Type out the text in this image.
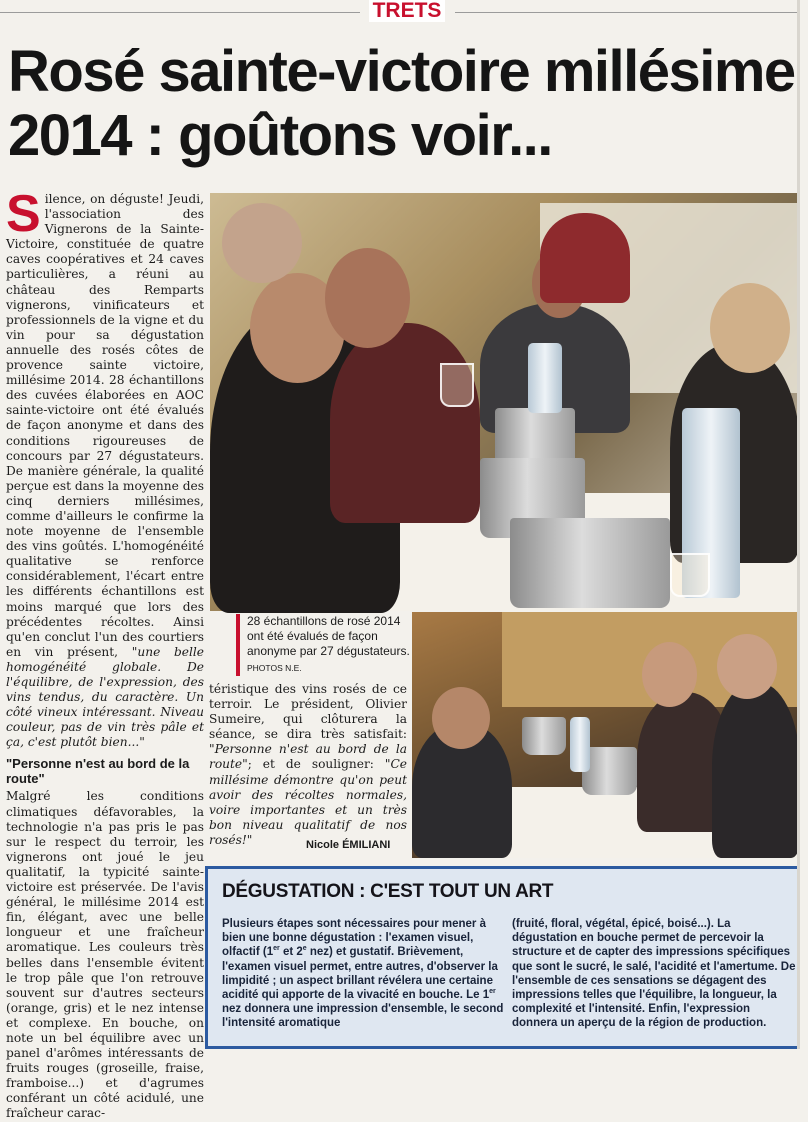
TRETS
Rosé sainte-victoire millésime
2014 : goûtons voir...

Silence, on déguste! Jeudi, l'association des Vignerons de la Sainte-Victoire, constituée de quatre caves coopératives et 24 caves particulières, a réuni au château des Remparts vignerons, vinificateurs et professionnels de la vigne et du vin pour sa dégustation annuelle des rosés côtes de provence sainte victoire, millésime 2014. 28 échantillons des cuvées élaborées en AOC sainte-victoire ont été évalués de façon anonyme et dans des conditions rigoureuses de concours par 27 dégustateurs. De manière générale, la qualité perçue est dans la moyenne des cinq derniers millésimes, comme d'ailleurs le confirme la note moyenne de l'ensemble des vins goûtés. L'homogénéité qualitative se renforce considérablement, l'écart entre les différents échantillons est moins marqué que lors des précédentes récoltes. Ainsi qu'en conclut l'un des courtiers en vin présent, "une belle homogénéité globale. De l'équilibre, de l'expression, des vins tendus, du caractère. Un côté vineux intéressant. Niveau couleur, pas de vin très pâle et ça, c'est plutôt bien..."

"Personne n'est au bord de la route"

Malgré les conditions climatiques défavorables, la technologie n'a pas pris le pas sur le respect du terroir, les vignerons ont joué le jeu qualitatif, la typicité sainte-victoire est préservée. De l'avis général, le millésime 2014 est fin, élégant, avec une belle longueur et une fraîcheur aromatique. Les couleurs très belles dans l'ensemble évitent le trop pâle que l'on retrouve souvent sur d'autres secteurs (orange, gris) et le nez intense et complexe. En bouche, on note un bel équilibre avec un panel d'arômes intéressants de fruits rouges (groseille, fraise, framboise...) et d'agrumes conférant un côté acidulé, une fraîcheur carac-

28 échantillons de rosé 2014 ont été évalués de façon anonyme par 27 dégustateurs. PHOTOS N.E.

téristique des vins rosés de ce terroir. Le président, Olivier Sumeire, qui clôturera la séance, se dira très satisfait: "Personne n'est au bord de la route"; et de souligner: "Ce millésime démontre qu'on peut avoir des récoltes normales, voire importantes et un très bon niveau qualitatif de nos rosés!"	Nicole ÉMILIANI
DÉGUSTATION : C'EST TOUT UN ART
Plusieurs étapes sont nécessaires pour mener à bien une bonne dégustation : l'examen visuel, olfactif (1er et 2e nez) et gustatif. Brièvement, l'examen visuel permet, entre autres, d'observer la limpidité ; un aspect brillant révélera une certaine acidité qui apporte de la vivacité en bouche. Le 1er nez donnera une impression d'ensemble, le second l'intensité aromatique
(fruité, floral, végétal, épicé, boisé...). La dégustation en bouche permet de percevoir la structure et de capter des impressions spécifiques que sont le sucré, le salé, l'acidité et l'amertume. De l'ensemble de ces sensations se dégagent des impressions telles que l'équilibre, la longueur, la complexité et l'intensité. Enfin, l'expression donnera un aperçu de la région de production.
